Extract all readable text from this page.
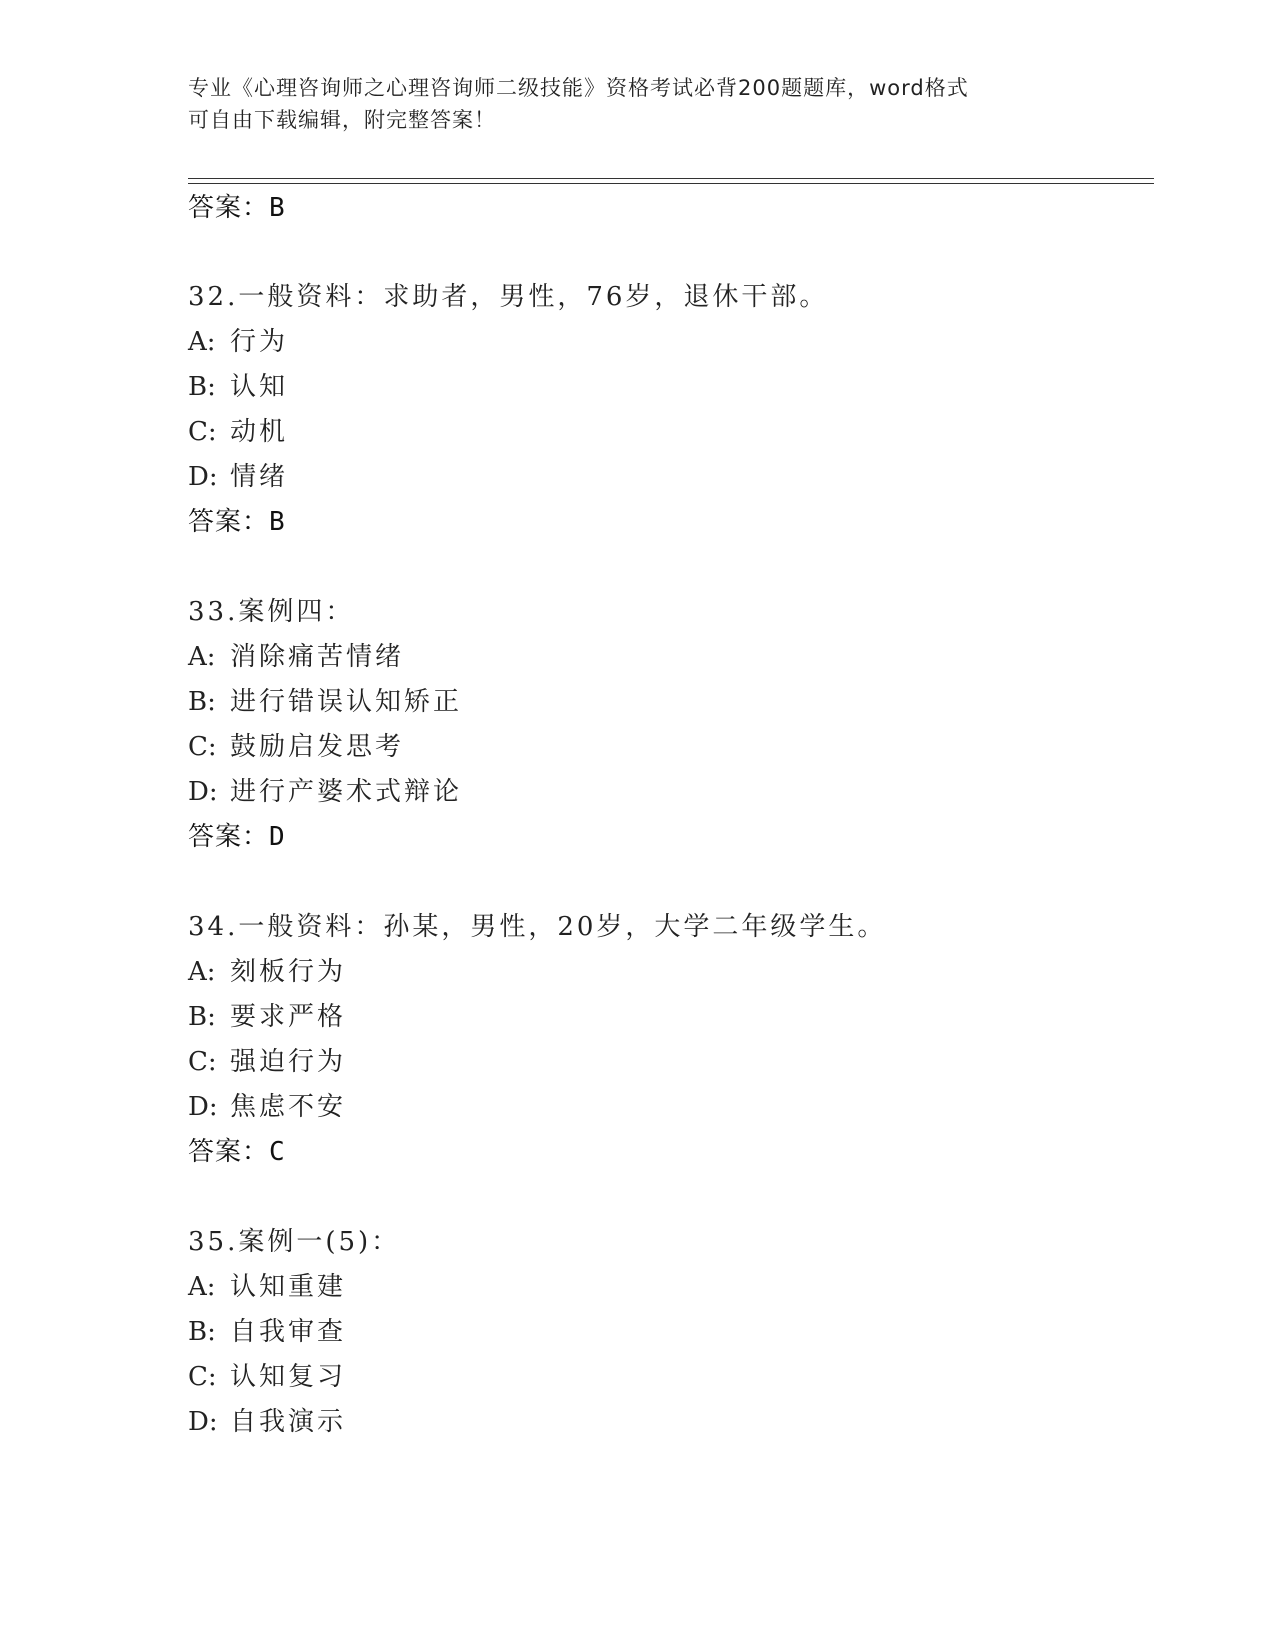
专业《心理咨询师之心理咨询师二级技能》资格考试必背200题题库，word格式
可自由下载编辑，附完整答案！
答案：B
32.一般资料：求助者，男性，76岁，退休干部。
A: 行为
B: 认知
C: 动机
D: 情绪
答案：B
33.案例四：
A: 消除痛苦情绪
B: 进行错误认知矫正
C: 鼓励启发思考
D: 进行产婆术式辩论
答案：D
34.一般资料：孙某，男性，20岁，大学二年级学生。
A: 刻板行为
B: 要求严格
C: 强迫行为
D: 焦虑不安
答案：C
35.案例一(5)：
A: 认知重建
B: 自我审查
C: 认知复习
D: 自我演示
